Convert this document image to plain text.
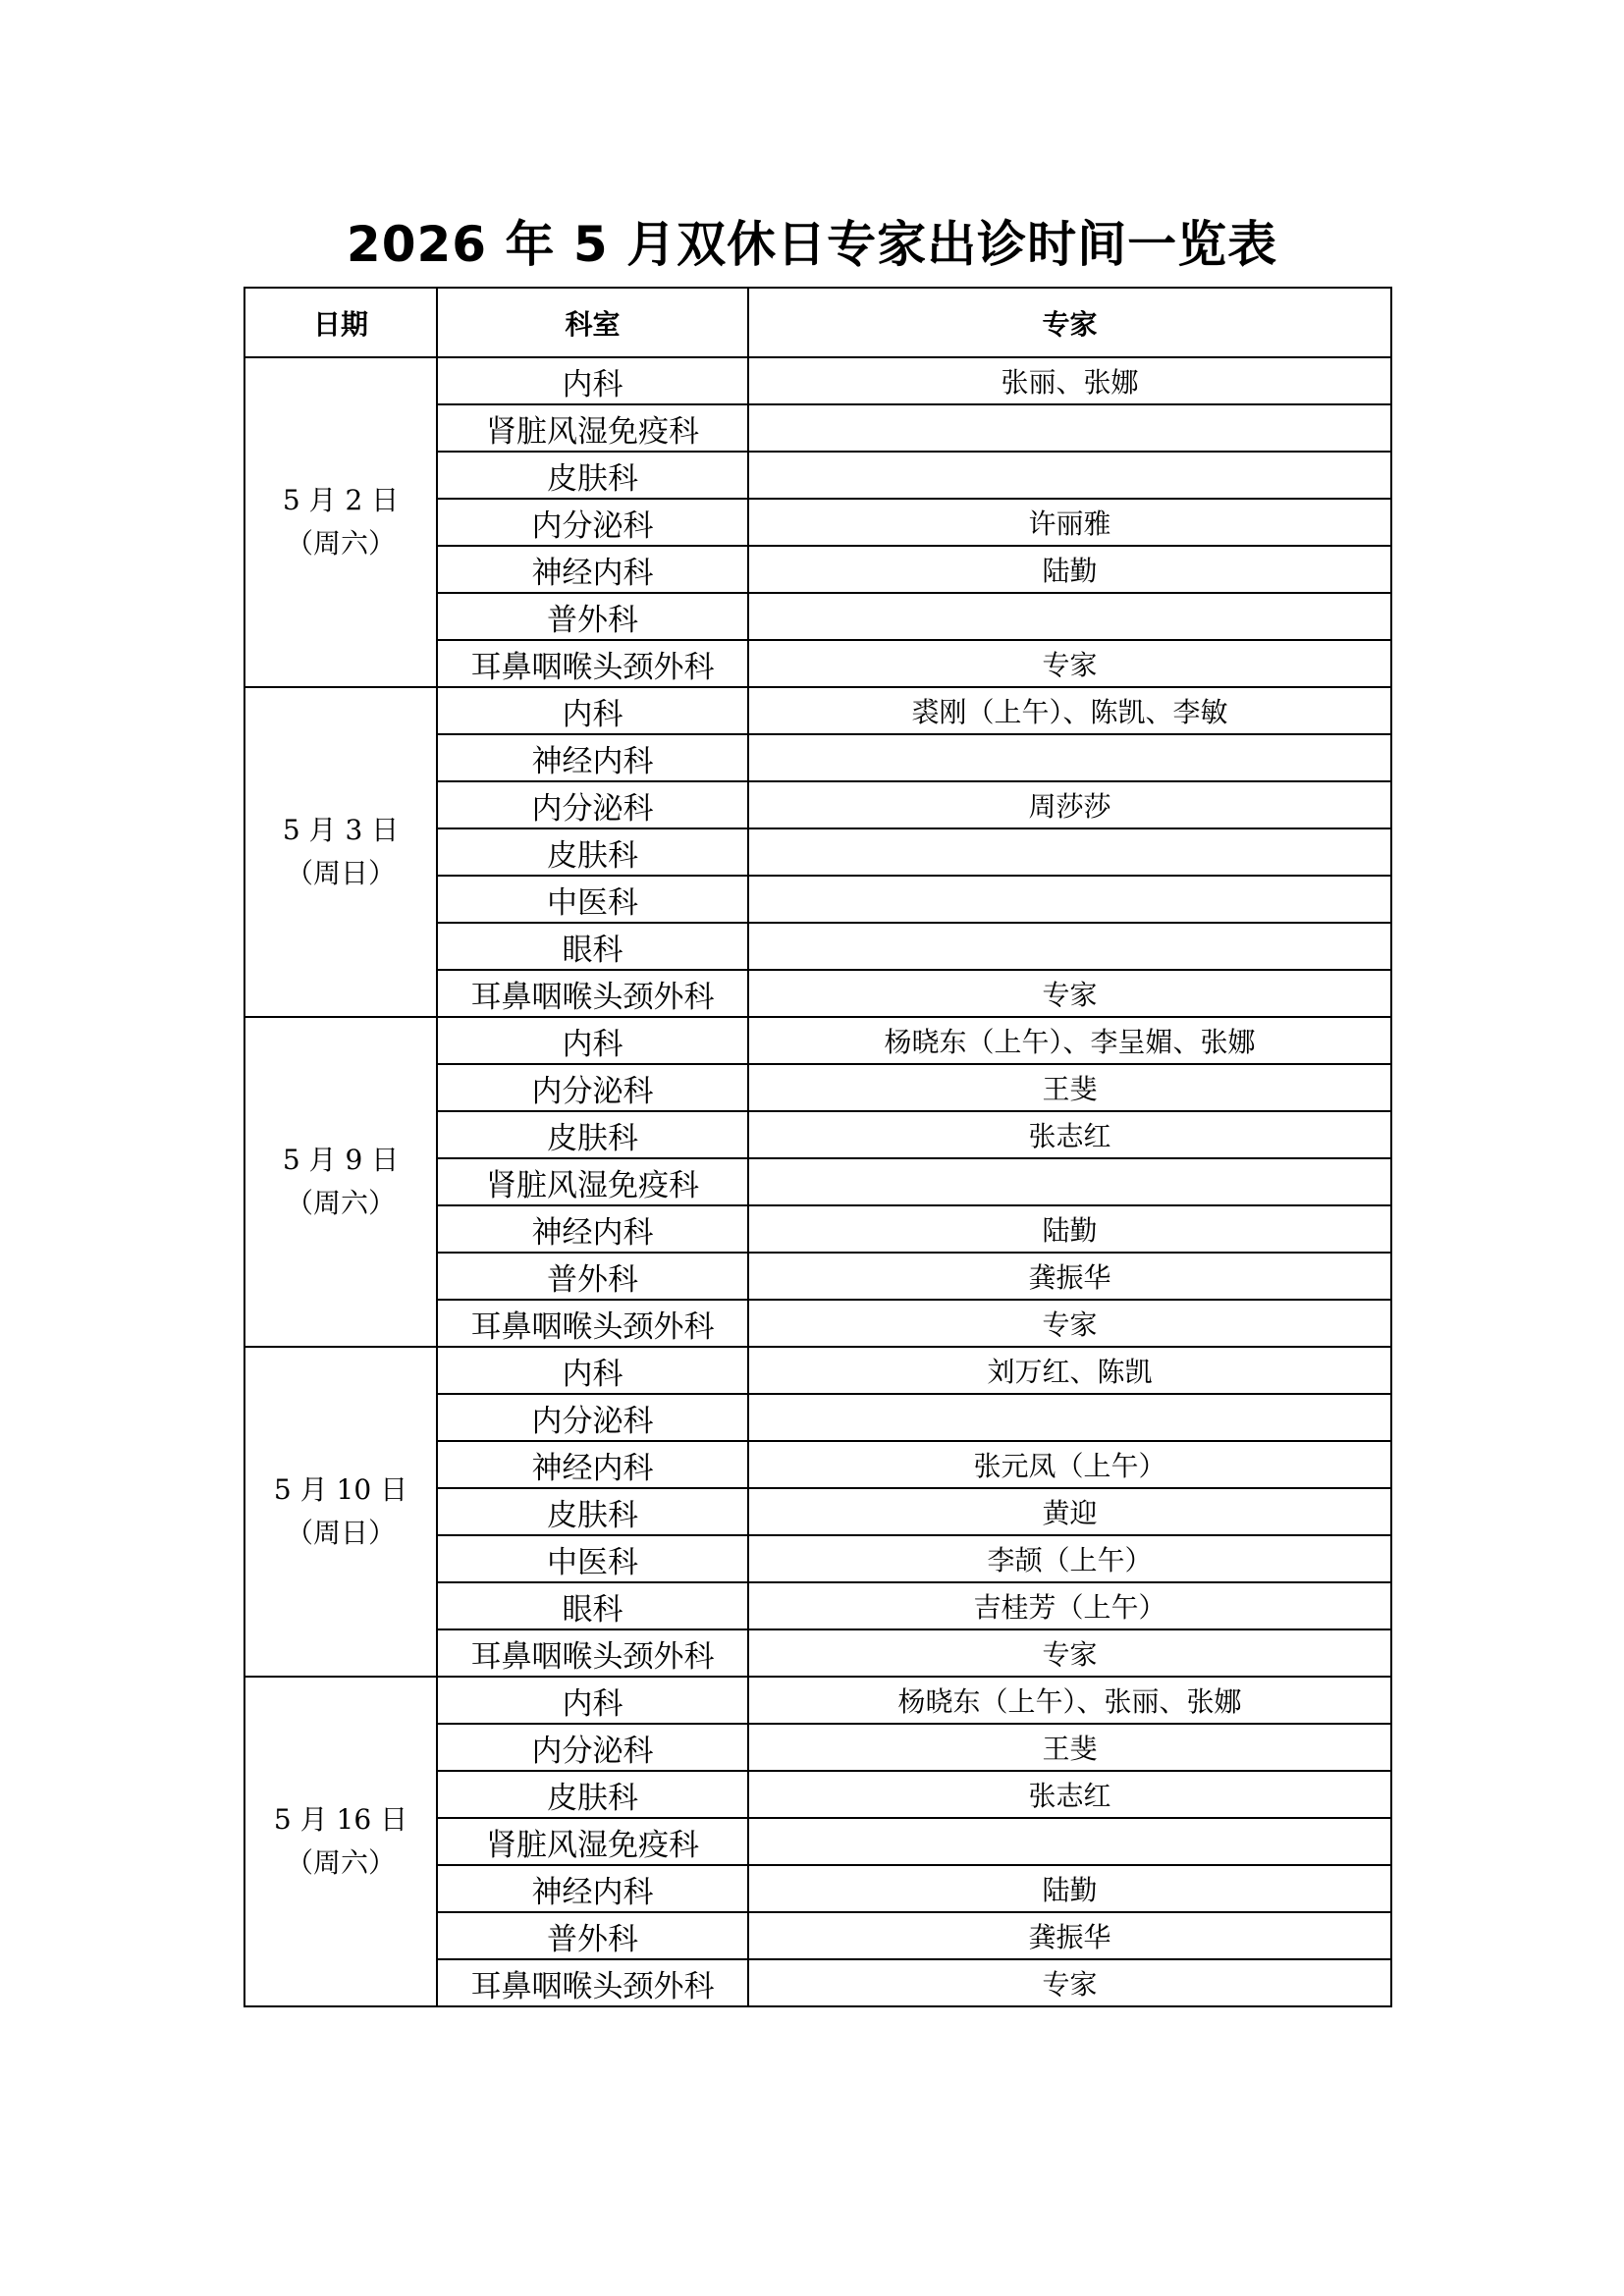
2026 年 5 月双休日专家出诊时间一览表
日期	科室	专家

5 月 2 日
（周六）	内科	张丽、张娜
	肾脏风湿免疫科	
	皮肤科	
	内分泌科	许丽雅
	神经内科	陆勤
	普外科	
	耳鼻咽喉头颈外科	专家

5 月 3 日
（周日）	内科	裘刚（上午）、陈凯、李敏
	神经内科	
	内分泌科	周莎莎
	皮肤科	
	中医科	
	眼科	
	耳鼻咽喉头颈外科	专家

5 月 9 日
（周六）	内科	杨晓东（上午）、李呈媚、张娜
	内分泌科	王斐
	皮肤科	张志红
	肾脏风湿免疫科	
	神经内科	陆勤
	普外科	龚振华
	耳鼻咽喉头颈外科	专家

5 月 10 日
（周日）	内科	刘万红、陈凯
	内分泌科	
	神经内科	张元凤（上午）
	皮肤科	黄迎
	中医科	李颉（上午）
	眼科	吉桂芳（上午）
	耳鼻咽喉头颈外科	专家

5 月 16 日
（周六）	内科	杨晓东（上午）、张丽、张娜
	内分泌科	王斐
	皮肤科	张志红
	肾脏风湿免疫科	
	神经内科	陆勤
	普外科	龚振华
	耳鼻咽喉头颈外科	专家
